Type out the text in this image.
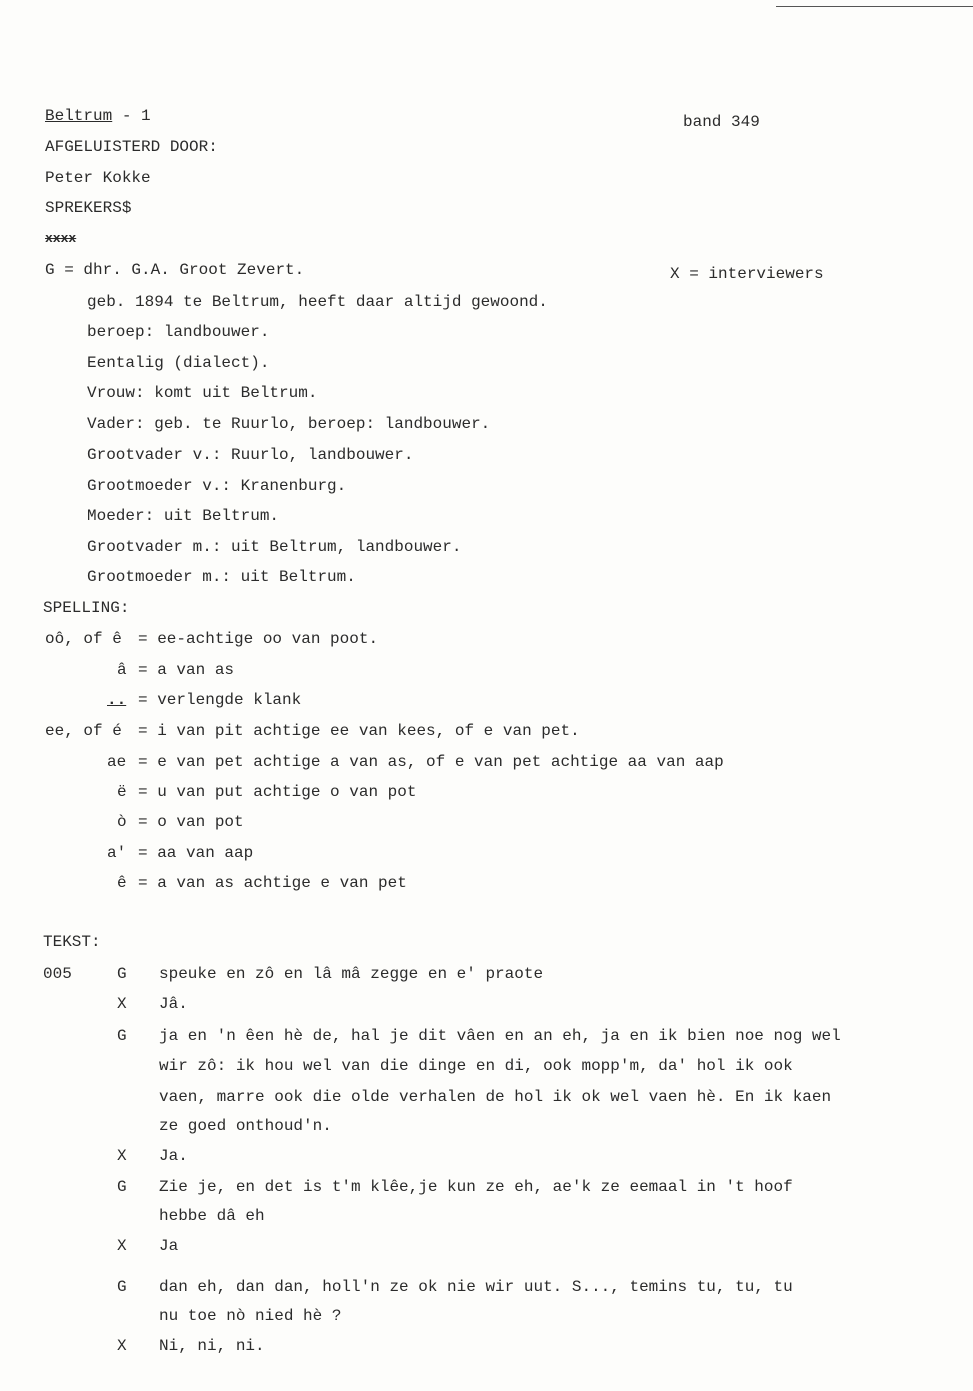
Beltrum - 1	band 349
AFGELUISTERD DOOR:
Peter Kokke
SPREKERS$
xxxx
G = dhr. G.A. Groot Zevert.	X = interviewers
geb. 1894 te Beltrum, heeft daar altijd gewoond.
beroep: landbouwer.
Eentalig (dialect).
Vrouw: komt uit Beltrum.
Vader: geb. te Ruurlo, beroep: landbouwer.
Grootvader v.: Ruurlo, landbouwer.
Grootmoeder v.: Kranenburg.
Moeder: uit Beltrum.
Grootvader m.: uit Beltrum, landbouwer.
Grootmoeder m.: uit Beltrum.
SPELLING:
oô, of ê = ee-achtige oo van poot.
â = a van as
.. = verlengde klank
ee, of é = i van pit achtige ee van kees, of e van pet.
ae = e van pet achtige a van as, of e van pet achtige aa van aap
ë = u van put achtige o van pot
ò = o van pot
a' = aa van aap
ê = a van as achtige e van pet
TEKST:
005	G speuke en zô en lâ mâ zegge en e' praote
X Jâ.
G ja en 'n êen hè de, hal je dit vâen en an eh, ja en ik bien noe nog wel
wir zô: ik hou wel van die dinge en di, ook mopp'm, da' hol ik ook
vaen, marre ook die olde verhalen de hol ik ok wel vaen hè. En ik kaen
ze goed onthoud'n.
X Ja.
G Zie je, en det is t'm klêe,je kun ze eh, ae'k ze eemaal in 't hoof
hebbe dâ eh
X Ja
G dan eh, dan dan, holl'n ze ok nie wir uut. S..., temins tu, tu, tu
nu toe nò nied hè ?
X Ni, ni, ni.
